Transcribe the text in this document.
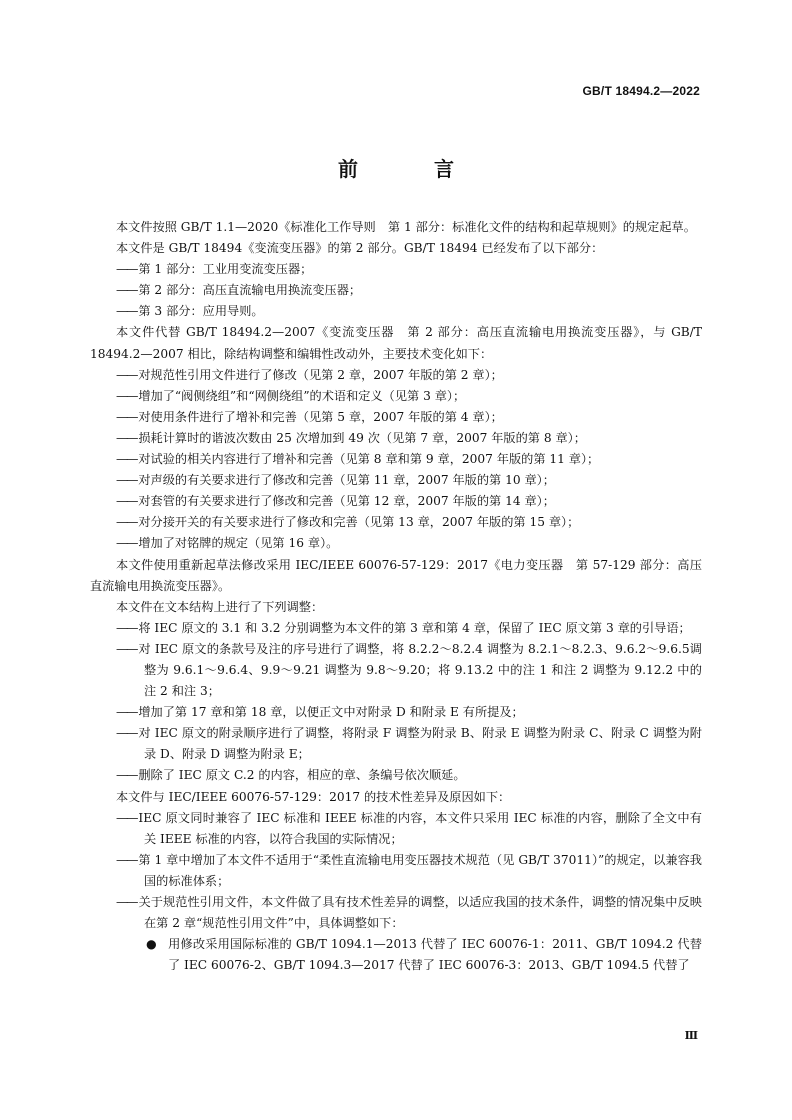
GB/T 18494.2—2022
前　言
本文件按照 GB/T 1.1—2020《标准化工作导则　第 1 部分：标准化文件的结构和起草规则》的规定起草。
本文件是 GB/T 18494《变流变压器》的第 2 部分。GB/T 18494 已经发布了以下部分：
—— 第 1 部分：工业用变流变压器；
—— 第 2 部分：高压直流输电用换流变压器；
—— 第 3 部分：应用导则。
本文件代替 GB/T 18494.2—2007《变流变压器　第 2 部分：高压直流输电用换流变压器》，与 GB/T 18494.2—2007 相比，除结构调整和编辑性改动外，主要技术变化如下：
—— 对规范性引用文件进行了修改（见第 2 章，2007 年版的第 2 章）；
—— 增加了“阀侧绕组”和“网侧绕组”的术语和定义（见第 3 章）；
—— 对使用条件进行了增补和完善（见第 5 章，2007 年版的第 4 章）；
—— 损耗计算时的谐波次数由 25 次增加到 49 次（见第 7 章，2007 年版的第 8 章）；
—— 对试验的相关内容进行了增补和完善（见第 8 章和第 9 章，2007 年版的第 11 章）；
—— 对声级的有关要求进行了修改和完善（见第 11 章，2007 年版的第 10 章）；
—— 对套管的有关要求进行了修改和完善（见第 12 章，2007 年版的第 14 章）；
—— 对分接开关的有关要求进行了修改和完善（见第 13 章，2007 年版的第 15 章）；
—— 增加了对铭牌的规定（见第 16 章）。
本文件使用重新起草法修改采用 IEC/IEEE 60076-57-129：2017《电力变压器　第 57-129 部分：高压直流输电用换流变压器》。
本文件在文本结构上进行了下列调整：
—— 将 IEC 原文的 3.1 和 3.2 分别调整为本文件的第 3 章和第 4 章，保留了 IEC 原文第 3 章的引导语；
—— 对 IEC 原文的条款号及注的序号进行了调整，将 8.2.2～8.2.4 调整为 8.2.1～8.2.3、9.6.2～9.6.5调整为 9.6.1～9.6.4、9.9～9.21 调整为 9.8～9.20；将 9.13.2 中的注 1 和注 2 调整为 9.12.2 中的注 2 和注 3；
—— 增加了第 17 章和第 18 章，以便正文中对附录 D 和附录 E 有所提及；
—— 对 IEC 原文的附录顺序进行了调整，将附录 F 调整为附录 B、附录 E 调整为附录 C、附录 C 调整为附录 D、附录 D 调整为附录 E；
—— 删除了 IEC 原文 C.2 的内容，相应的章、条编号依次顺延。
本文件与 IEC/IEEE 60076-57-129：2017 的技术性差异及原因如下：
—— IEC 原文同时兼容了 IEC 标准和 IEEE 标准的内容，本文件只采用 IEC 标准的内容，删除了全文中有关 IEEE 标准的内容，以符合我国的实际情况；
—— 第 1 章中增加了本文件不适用于“柔性直流输电用变压器技术规范（见 GB/T 37011）”的规定，以兼容我国的标准体系；
—— 关于规范性引用文件，本文件做了具有技术性差异的调整，以适应我国的技术条件，调整的情况集中反映在第 2 章“规范性引用文件”中，具体调整如下：
● 用修改采用国际标准的 GB/T 1094.1—2013 代替了 IEC 60076-1：2011、GB/T 1094.2 代替了 IEC 60076-2、GB/T 1094.3—2017 代替了 IEC 60076-3：2013、GB/T 1094.5 代替了
Ⅲ
